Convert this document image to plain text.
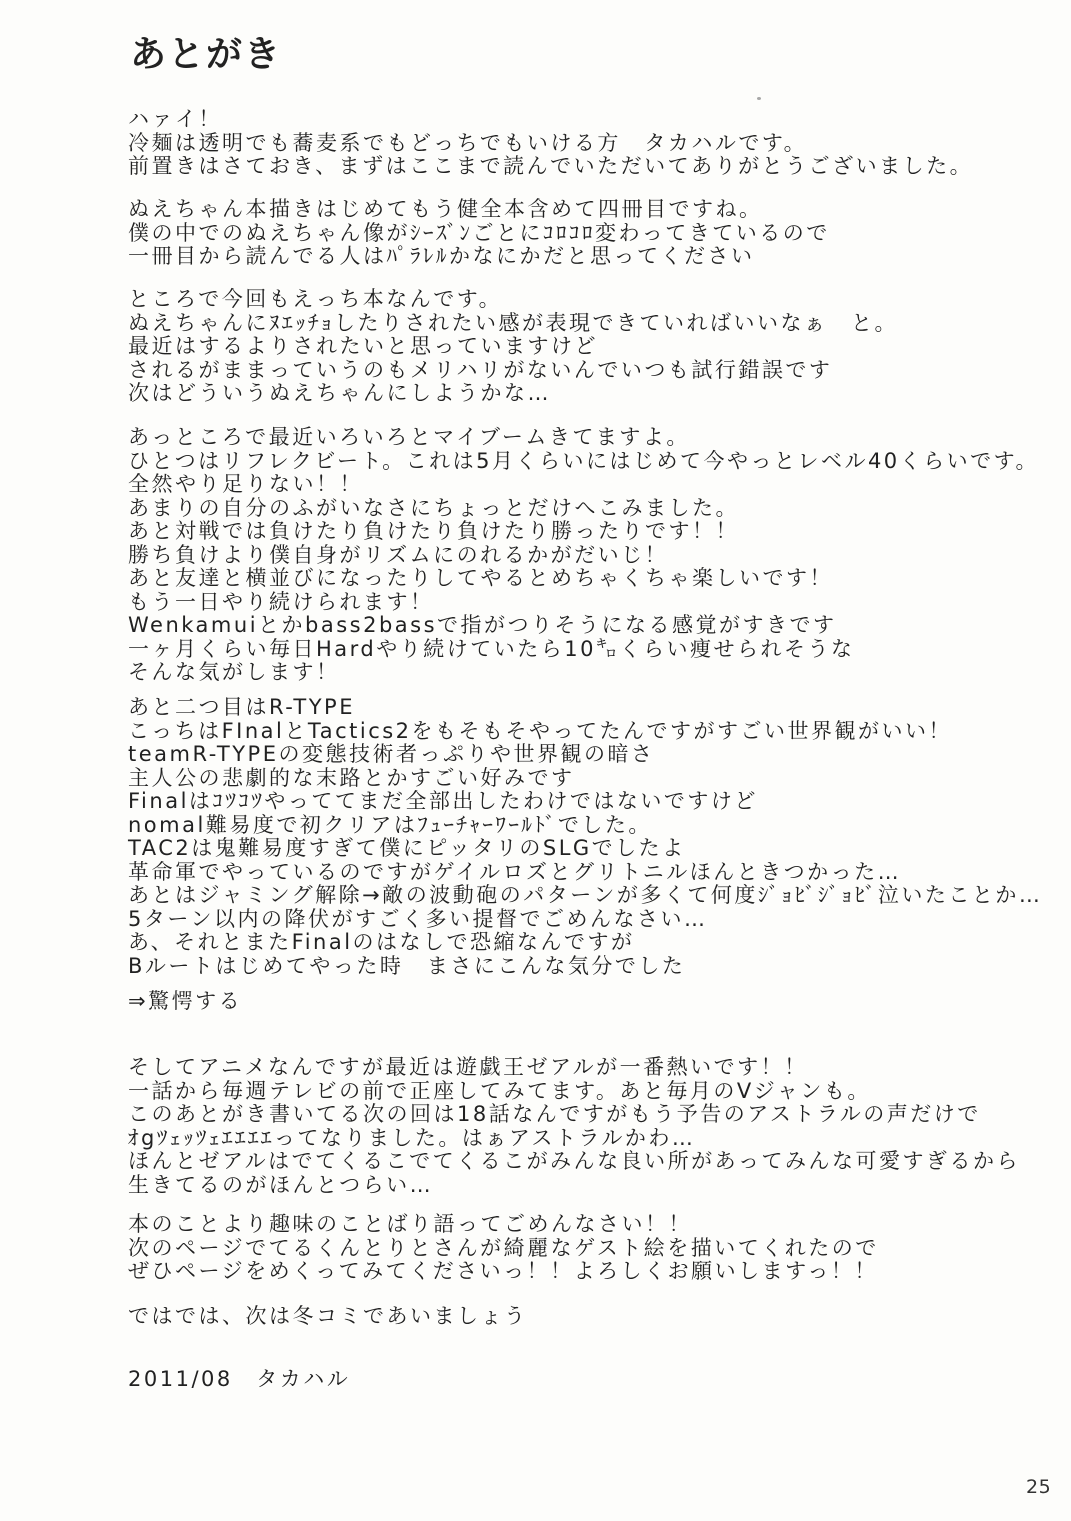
あとがき
ハァイ！
冷麺は透明でも蕎麦系でもどっちでもいける方　タカハルです。
前置きはさておき、まずはここまで読んでいただいてありがとうございました。
ぬえちゃん本描きはじめてもう健全本含めて四冊目ですね。
僕の中でのぬえちゃん像がｼｰｽﾞﾝごとにｺﾛｺﾛ変わってきているので
一冊目から読んでる人はﾊﾟﾗﾚﾙかなにかだと思ってください
ところで今回もえっち本なんです。
ぬえちゃんにﾇｴｯﾁｮしたりされたい感が表現できていればいいなぁ　と。
最近はするよりされたいと思っていますけど
されるがままっていうのもメリハリがないんでいつも試行錯誤です
次はどういうぬえちゃんにしようかな…
あっところで最近いろいろとマイブームきてますよ。
ひとつはリフレクビート。これは5月くらいにはじめて今やっとレベル40くらいです。
全然やり足りない！！
あまりの自分のふがいなさにちょっとだけへこみました。
あと対戦では負けたり負けたり負けたり勝ったりです！！
勝ち負けより僕自身がリズムにのれるかがだいじ！
あと友達と横並びになったりしてやるとめちゃくちゃ楽しいです！
もう一日やり続けられます！
Wenkamuiとかbass2bassで指がつりそうになる感覚がすきです
一ヶ月くらい毎日Hardやり続けていたら10㌔くらい痩せられそうな
そんな気がします！
あと二つ目はR-TYPE
こっちはFInalとTactics2をもそもそやってたんですがすごい世界観がいい！
teamR-TYPEの変態技術者っぷりや世界観の暗さ
主人公の悲劇的な末路とかすごい好みです
Finalはｺﾂｺﾂやっててまだ全部出したわけではないですけど
nomal難易度で初クリアはﾌｭｰﾁｬｰﾜｰﾙﾄﾞでした。
TAC2は鬼難易度すぎて僕にピッタリのSLGでしたよ
革命軍でやっているのですがゲイルロズとグリトニルほんときつかった…
あとはジャミング解除→敵の波動砲のパターンが多くて何度ｼﾞｮﾋﾞｼﾞｮﾋﾞ泣いたことか…
5ターン以内の降伏がすごく多い提督でごめんなさい…
あ、それとまたFinalのはなしで恐縮なんですが
Bルートはじめてやった時　まさにこんな気分でした
⇒驚愕する
そしてアニメなんですが最近は遊戯王ゼアルが一番熱いです！！
一話から毎週テレビの前で正座してみてます。あと毎月のVジャンも。
このあとがき書いてる次の回は18話なんですがもう予告のアストラルの声だけで
ｵgﾂｪｯﾂｪｴｴｴｴってなりました。はぁアストラルかわ…
ほんとゼアルはでてくるこでてくるこがみんな良い所があってみんな可愛すぎるから
生きてるのがほんとつらい…
本のことより趣味のことばり語ってごめんなさい！！
次のページでてるくんとりとさんが綺麗なゲスト絵を描いてくれたので
ぜひページをめくってみてくださいっ！！よろしくお願いしますっ！！
ではでは、次は冬コミであいましょう
2011/08　タカハル
25
